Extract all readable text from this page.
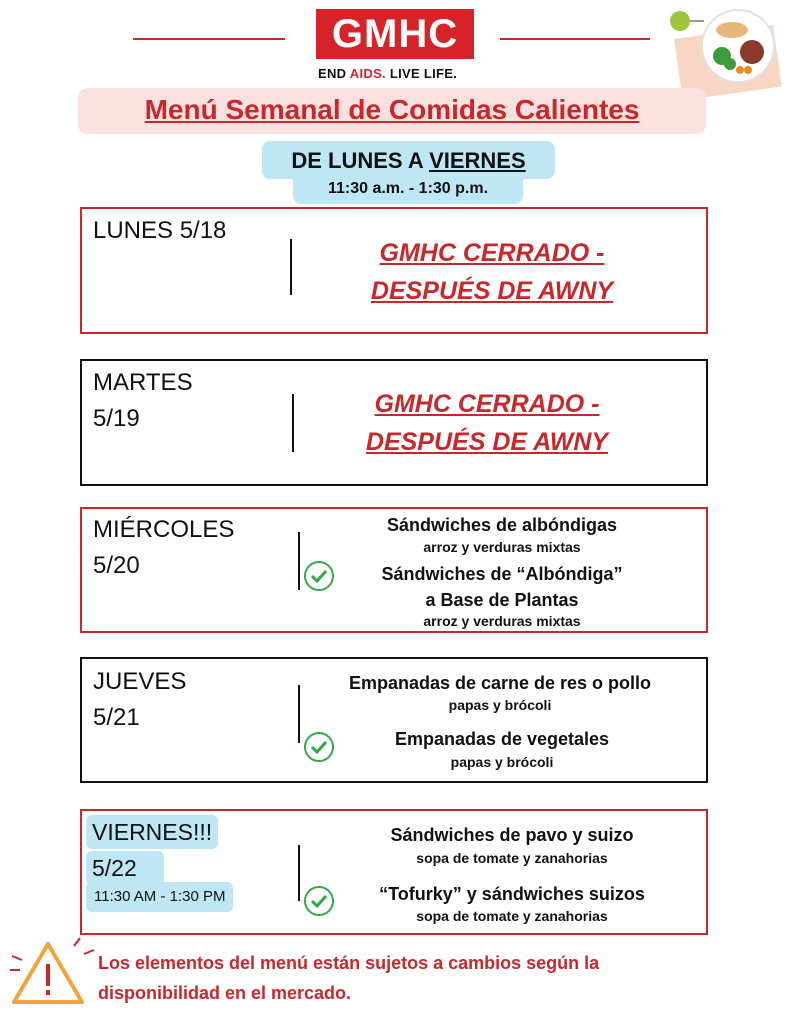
GMHC
END AIDS. LIVE LIFE.
Menú Semanal de Comidas Calientes
DE LUNES A VIERNES
11:30 a.m. - 1:30 p.m.
LUNES 5/18
GMHC CERRADO -
DESPUÉS DE AWNY
MARTES
5/19
GMHC CERRADO -
DESPUÉS DE AWNY
MIÉRCOLES
5/20
Sándwiches de albóndigas
arroz y verduras mixtas
Sándwiches de “Albóndiga”
a Base de Plantas
arroz y verduras mixtas
JUEVES
5/21
Empanadas de carne de res o pollo
papas y brócoli
Empanadas de vegetales
papas y brócoli
VIERNES!!!
5/22
11:30 AM - 1:30 PM
Sándwiches de pavo y suizo
sopa de tomate y zanahorias
“Tofurky” y sándwiches suizos
sopa de tomate y zanahorias
Los elementos del menú están sujetos a cambios según la
disponibilidad en el mercado.
